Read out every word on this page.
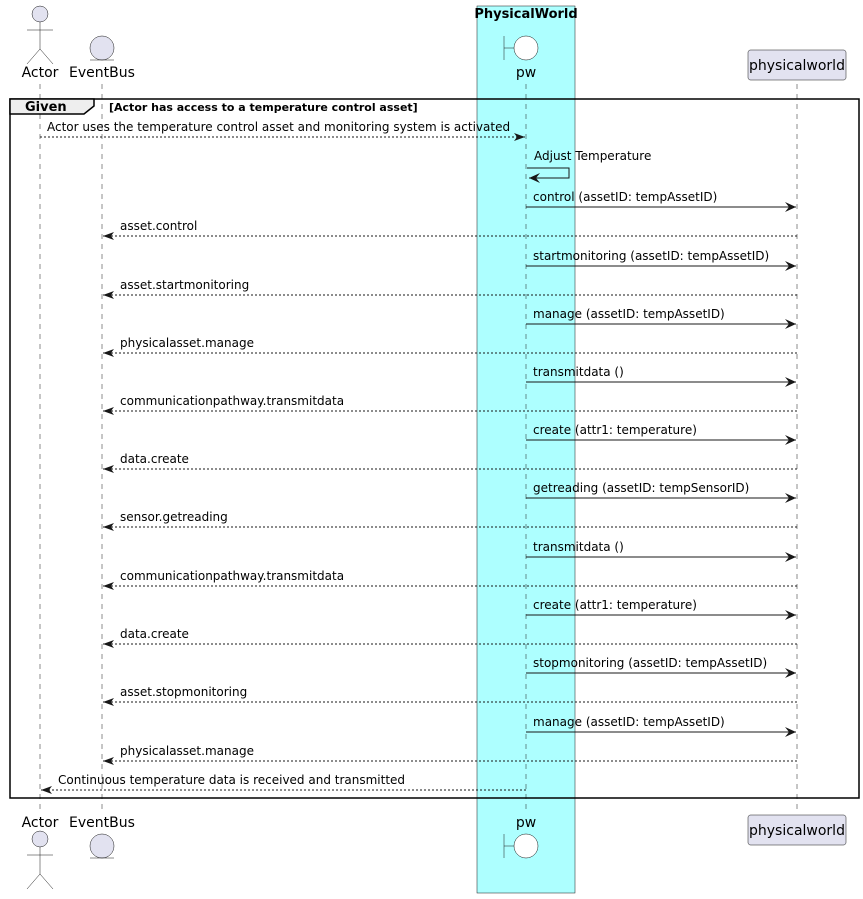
PhysicalWorld
Actor
Actor
EventBus
EventBus
pw
pw
physicalworld
physicalworld
Given	[Actor has access to a temperature control asset]
Actor uses the temperature control asset and monitoring system is activated
Adjust Temperature
control (assetID: tempAssetID)
asset.control
startmonitoring (assetID: tempAssetID)
asset.startmonitoring
manage (assetID: tempAssetID)
physicalasset.manage
transmitdata ()
communicationpathway.transmitdata
create (attr1: temperature)
data.create
getreading (assetID: tempSensorID)
sensor.getreading
transmitdata ()
communicationpathway.transmitdata
create (attr1: temperature)
data.create
stopmonitoring (assetID: tempAssetID)
asset.stopmonitoring
manage (assetID: tempAssetID)
physicalasset.manage
Continuous temperature data is received and transmitted
